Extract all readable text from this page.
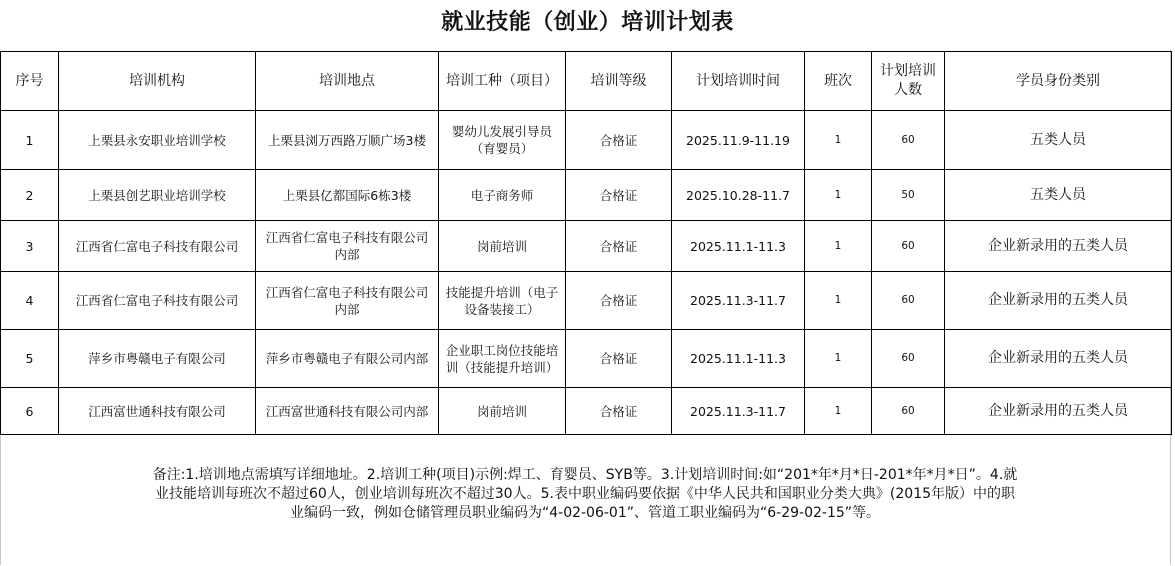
就业技能（创业）培训计划表
序号	培训机构	培训地点	培训工种（项目）	培训等级	计划培训时间	班次	计划培训人数	学员身份类别
1	上栗县永安职业培训学校	上栗县浏万西路万顺广场3楼	婴幼儿发展引导员（育婴员）	合格证	2025.11.9-11.19	1	60	五类人员
2	上栗县创艺职业培训学校	上栗县亿都国际6栋3楼	电子商务师	合格证	2025.10.28-11.7	1	50	五类人员
3	江西省仁富电子科技有限公司	江西省仁富电子科技有限公司内部	岗前培训	合格证	2025.11.1-11.3	1	60	企业新录用的五类人员
4	江西省仁富电子科技有限公司	江西省仁富电子科技有限公司内部	技能提升培训（电子设备装接工）	合格证	2025.11.3-11.7	1	60	企业新录用的五类人员
5	萍乡市粤赣电子有限公司	萍乡市粤赣电子有限公司内部	企业职工岗位技能培训（技能提升培训）	合格证	2025.11.1-11.3	1	60	企业新录用的五类人员
6	江西富世通科技有限公司	江西富世通科技有限公司内部	岗前培训	合格证	2025.11.3-11.7	1	60	企业新录用的五类人员
备注:1.培训地点需填写详细地址。2.培训工种(项目)示例:焊工、育婴员、SYB等。3.计划培训时间:如“201*年*月*日-201*年*月*日”。4.就业技能培训每班次不超过60人，创业培训每班次不超过30人。5.表中职业编码要依据《中华人民共和国职业分类大典》(2015年版）中的职业编码一致，例如仓储管理员职业编码为“4-02-06-01”、管道工职业编码为“6-29-02-15”等。
